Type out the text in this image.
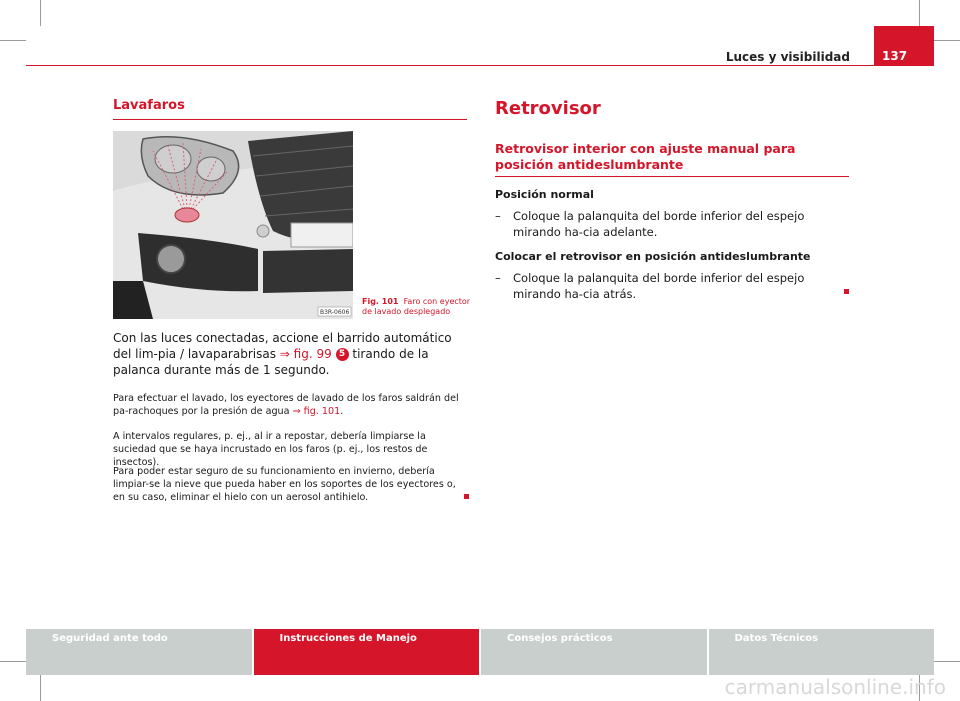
Luces y visibilidad	137
Lavafaros
B3R-0606
Fig. 101 Faro con eyector de lavado desplegado
Con las luces conectadas, accione el barrido automático del lim-pia / lavaparabrisas ⇒ fig. 99 5 tirando de la palanca durante más de 1 segundo.
Para efectuar el lavado, los eyectores de lavado de los faros saldrán del pa-rachoques por la presión de agua ⇒ fig. 101.
A intervalos regulares, p. ej., al ir a repostar, debería limpiarse la suciedad que se haya incrustado en los faros (p. ej., los restos de insectos).
Para poder estar seguro de su funcionamiento en invierno, debería limpiar-se la nieve que pueda haber en los soportes de los eyectores o, en su caso, eliminar el hielo con un aerosol antihielo.
Retrovisor
Retrovisor interior con ajuste manual para posición antideslumbrante
Posición normal
–	Coloque la palanquita del borde inferior del espejo mirando ha-cia adelante.
Colocar el retrovisor en posición antideslumbrante
–	Coloque la palanquita del borde inferior del espejo mirando ha-cia atrás.
Seguridad ante todo	Instrucciones de Manejo	Consejos prácticos	Datos Técnicos
carmanualsonline.info
